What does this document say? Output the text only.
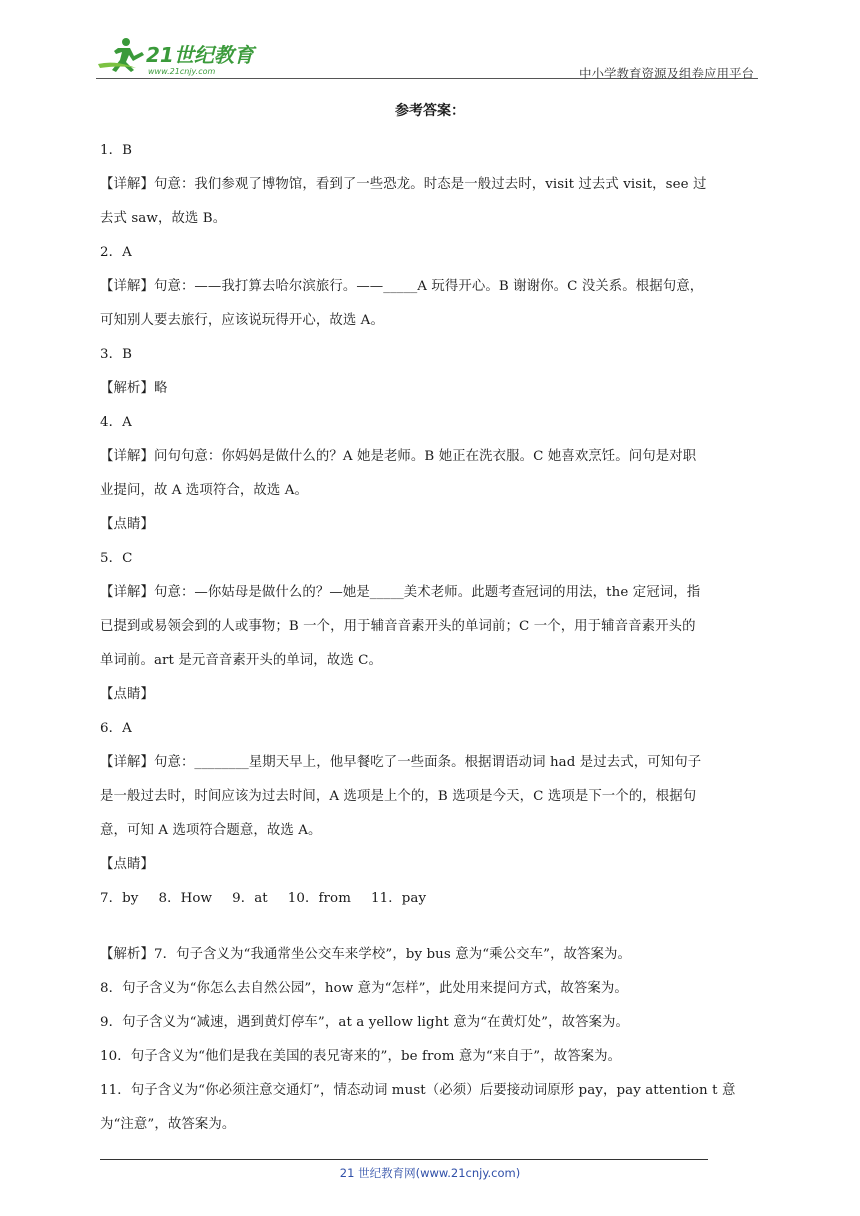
21世纪教育
www.21cnjy.com	中小学教育资源及组卷应用平台
参考答案：
1．B
【详解】句意：我们参观了博物馆，看到了一些恐龙。时态是一般过去时，visit 过去式 visit，see 过
去式 saw，故选 B。
2．A
【详解】句意：——我打算去哈尔滨旅行。——_____A 玩得开心。B 谢谢你。C 没关系。根据句意，
可知别人要去旅行，应该说玩得开心，故选 A。
3．B
【解析】略
4．A
【详解】问句句意：你妈妈是做什么的？A 她是老师。B 她正在洗衣服。C 她喜欢烹饪。问句是对职
业提问，故 A 选项符合，故选 A。
【点睛】
5．C
【详解】句意：—你姑母是做什么的？—她是_____美术老师。此题考查冠词的用法，the 定冠词，指
已提到或易领会到的人或事物；B 一个，用于辅音音素开头的单词前；C 一个，用于辅音音素开头的
单词前。art 是元音音素开头的单词，故选 C。
【点睛】
6．A
【详解】句意：________星期天早上，他早餐吃了一些面条。根据谓语动词 had 是过去式，可知句子
是一般过去时，时间应该为过去时间，A 选项是上个的，B 选项是今天，C 选项是下一个的，根据句
意，可知 A 选项符合题意，故选 A。
【点睛】
7．by 8．How 9．at 10．from 11．pay
【解析】7．句子含义为“我通常坐公交车来学校”，by bus 意为“乘公交车”，故答案为。
8．句子含义为“你怎么去自然公园”，how 意为“怎样”，此处用来提问方式，故答案为。
9．句子含义为“减速，遇到黄灯停车”，at a yellow light 意为“在黄灯处”，故答案为。
10．句子含义为“他们是我在美国的表兄寄来的”，be from 意为“来自于”，故答案为。
11．句子含义为“你必须注意交通灯”，情态动词 must（必须）后要接动词原形 pay，pay attention t 意
为“注意”，故答案为。
21 世纪教育网(www.21cnjy.com)
